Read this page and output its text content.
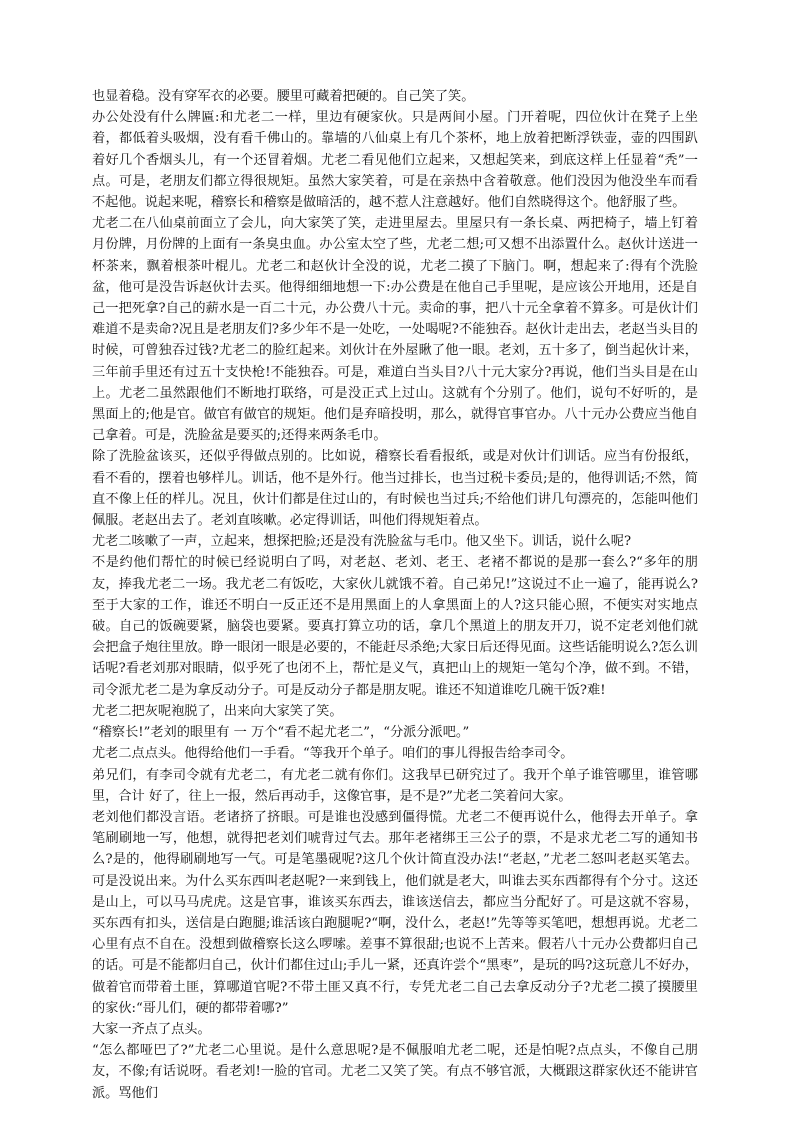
也显着稳。没有穿军衣的必要。腰里可藏着把硬的。自己笑了笑。

办公处没有什么牌匾:和尤老二一样，里边有硬家伙。只是两间小屋。门开着呢，四位伙计在凳子上坐着，都低着头吸烟，没有看千佛山的。靠墙的八仙桌上有几个茶杯，地上放着把断浮铁壶，壶的四围趴着好几个香烟头儿，有一个还冒着烟。尤老二看见他们立起来，又想起笑来，到底这样上任显着“秃”一点。可是，老朋友们都立得很规矩。虽然大家笑着，可是在亲热中含着敬意。他们没因为他没坐车而看不起他。说起来呢，稽察长和稽察是做暗活的，越不惹人注意越好。他们自然晓得这个。他舒服了些。

尤老二在八仙桌前面立了会儿，向大家笑了笑，走进里屋去。里屋只有一条长桌、两把椅子，墙上钉着月份牌，月份牌的上面有一条臭虫血。办公室太空了些，尤老二想;可又想不出添置什么。赵伙计送进一杯茶来，飘着根茶叶棍儿。尤老二和赵伙计全没的说，尤老二摸了下脑门。啊，想起来了:得有个洗脸盆，他可是没告诉赵伙计去买。他得细细地想一下:办公费是在他自己手里呢，是应该公开地用，还是自己一把死拿?自己的薪水是一百二十元，办公费八十元。卖命的事，把八十元全拿着不算多。可是伙计们难道不是卖命?况且是老朋友们?多少年不是一处吃，一处喝呢?不能独吞。赵伙计走出去，老赵当头目的时候，可曾独吞过钱?尤老二的脸红起来。刘伙计在外屋瞅了他一眼。老刘，五十多了，倒当起伙计来，三年前手里还有过五十支快枪!不能独吞。可是，难道白当头目?八十元大家分?再说，他们当头目是在山上。尤老二虽然跟他们不断地打联络，可是没正式上过山。这就有个分别了。他们，说句不好听的，是黑面上的;他是官。做官有做官的规矩。他们是弃暗投明，那么，就得官事官办。八十元办公费应当他自己拿着。可是，洗脸盆是要买的;还得来两条毛巾。

除了洗脸盆该买，还似乎得做点别的。比如说，稽察长看看报纸，或是对伙计们训话。应当有份报纸，看不看的，摆着也够样儿。训话，他不是外行。他当过排长，也当过税卡委员;是的，他得训话;不然，简直不像上任的样儿。况且，伙计们都是住过山的，有时候也当过兵;不给他们讲几句漂亮的，怎能叫他们佩服。老赵出去了。老刘直咳嗽。必定得训话，叫他们得规矩着点。

尤老二咳嗽了一声，立起来，想探把脸;还是没有洗脸盆与毛巾。他又坐下。训话，说什么呢?

不是约他们帮忙的时候已经说明白了吗，对老赵、老刘、老王、老褚不都说的是那一套么?“多年的朋友，捧我尤老二一场。我尤老二有饭吃，大家伙儿就饿不着。自己弟兄!”这说过不止一遍了，能再说么?至于大家的工作，谁还不明白一反正还不是用黑面上的人拿黑面上的人?这只能心照，不便实对实地点破。自己的饭碗要紧，脑袋也要紧。要真打算立功的话，拿几个黑道上的朋友开刀，说不定老刘他们就会把盒子炮往里放。睁一眼闭一眼是必要的，不能赶尽杀绝;大家日后还得见面。这些话能明说么?怎么训话呢?看老刘那对眼睛，似乎死了也闭不上，帮忙是义气，真把山上的规矩一笔勾个净，做不到。不错，司令派尤老二是为拿反动分子。可是反动分子都是朋友呢。谁还不知道谁吃几碗干饭?难!

尤老二把灰呢袍脱了，出来向大家笑了笑。

“稽察长!”老刘的眼里有 一 万个“看不起尤老二”，“分派分派吧。”

尤老二点点头。他得给他们一手看。“等我开个单子。咱们的事儿得报告给李司令。

弟兄们，有李司令就有尤老二，有尤老二就有你们。这我早已研究过了。我开个单子谁管哪里，谁管哪里，合计 好了，往上一报，然后再动手，这像官事，是不是?”尤老二笑着问大家。

老刘他们都没言语。老诸挤了挤眼。可是谁也没感到僵得慌。尤老二不便再说什么，他得去开单子。拿笔刷刷地一写，他想，就得把老刘们唬背过气去。那年老褚绑王三公子的票，不是求尤老二写的通知书么?是的，他得刷刷地写一气。可是笔墨砚呢?这几个伙计简直没办法!“老赵，”尤老二怒叫老赵买笔去。可是没说出来。为什么买东西叫老赵呢?一来到钱上，他们就是老大，叫谁去买东西都得有个分寸。这还是山上，可以马马虎虎。这是官事，谁该买东西去，谁该送信去，都应当分配好了。可是这就不容易，买东西有扣头，送信是白跑腿;谁活该白跑腿呢?“啊，没什么，老赵!”先等等买笔吧，想想再说。尤老二心里有点不自在。没想到做稽察长这么啰嗦。差事不算很甜;也说不上苦来。假若八十元办公费都归自己的话。可是不能都归自己，伙计们都住过山;手儿一紧，还真许尝个“黑枣”，是玩的吗?这玩意儿不好办，做着官而带着土匪，算哪道官呢?不带土匪又真不行，专凭尤老二自己去拿反动分子?尤老二摸了摸腰里的家伙:“哥儿们，硬的都带着哪?”

大家一齐点了点头。

“怎么都哑巴了?”尤老二心里说。是什么意思呢?是不佩服咱尤老二呢，还是怕呢?点点头，不像自己朋友，不像;有话说呀。看老刘!一脸的官司。尤老二又笑了笑。有点不够官派，大概跟这群家伙还不能讲官派。骂他们
